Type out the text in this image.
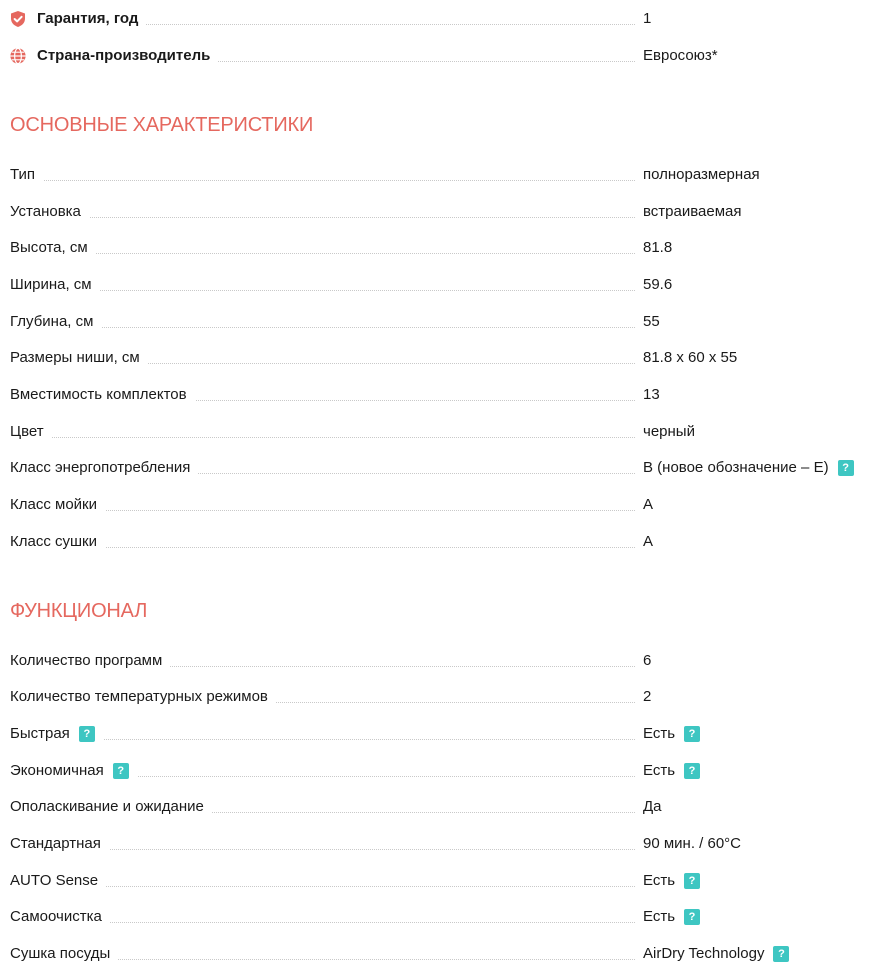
Гарантия, год	1
Страна-производитель	Евросоюз*
ОСНОВНЫЕ ХАРАКТЕРИСТИКИ
Тип	полноразмерная
Установка	встраиваемая
Высота, см	81.8
Ширина, см	59.6
Глубина, см	55
Размеры ниши, см	81.8 x 60 x 55
Вместимость комплектов	13
Цвет	черный
Класс энергопотребления	B (новое обозначение – E)	?
Класс мойки	A
Класс сушки	A
ФУНКЦИОНАЛ
Количество программ	6
Количество температурных режимов	2
Быстрая	?	Есть	?
Экономичная	?	Есть	?
Ополаскивание и ожидание	Да
Стандартная	90 мин. / 60°C
AUTO Sense	Есть	?
Самоочистка	Есть	?
Сушка посуды	AirDry Technology	?
